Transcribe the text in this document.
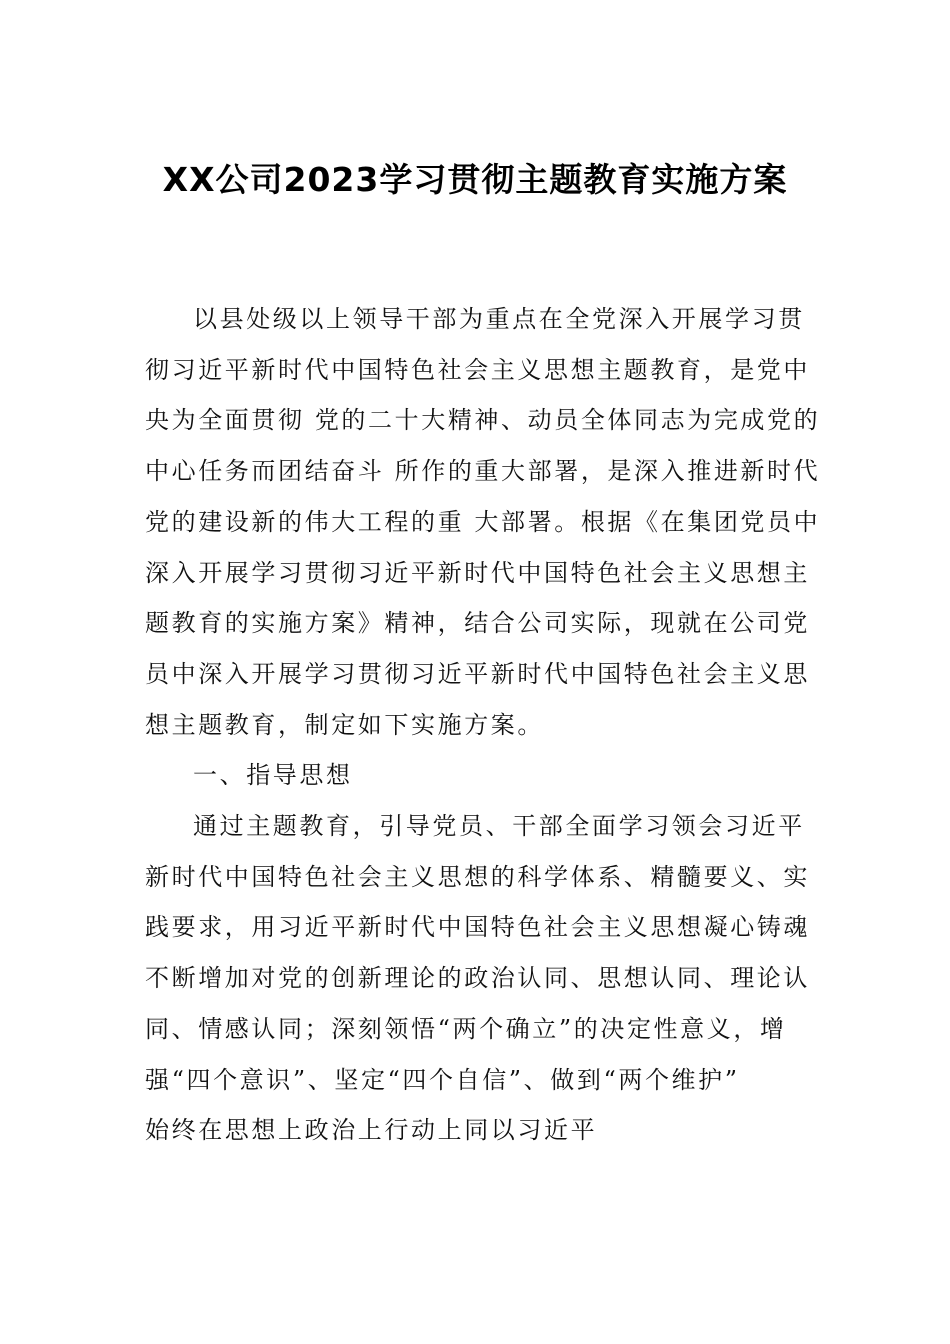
XX公司2023学习贯彻主题教育实施方案

以县处级以上领导干部为重点在全党深入开展学习贯
彻习近平新时代中国特色社会主义思想主题教育，是党中
央为全面贯彻 党的二十大精神、动员全体同志为完成党的
中心任务而团结奋斗 所作的重大部署，是深入推进新时代
党的建设新的伟大工程的重 大部署。根据《在集团党员中
深入开展学习贯彻习近平新时代中国特色社会主义思想主
题教育的实施方案》精神，结合公司实际，现就在公司党
员中深入开展学习贯彻习近平新时代中国特色社会主义思
想主题教育，制定如下实施方案。

一、指导思想

通过主题教育，引导党员、干部全面学习领会习近平
新时代中国特色社会主义思想的科学体系、精髓要义、实
践要求，用习近平新时代中国特色社会主义思想凝心铸魂
不断增加对党的创新理论的政治认同、思想认同、理论认
同、情感认同；深刻领悟“两个确立”的决定性意义，增
强“四个意识”、坚定“四个自信”、做到“两个维护”
始终在思想上政治上行动上同以习近平
